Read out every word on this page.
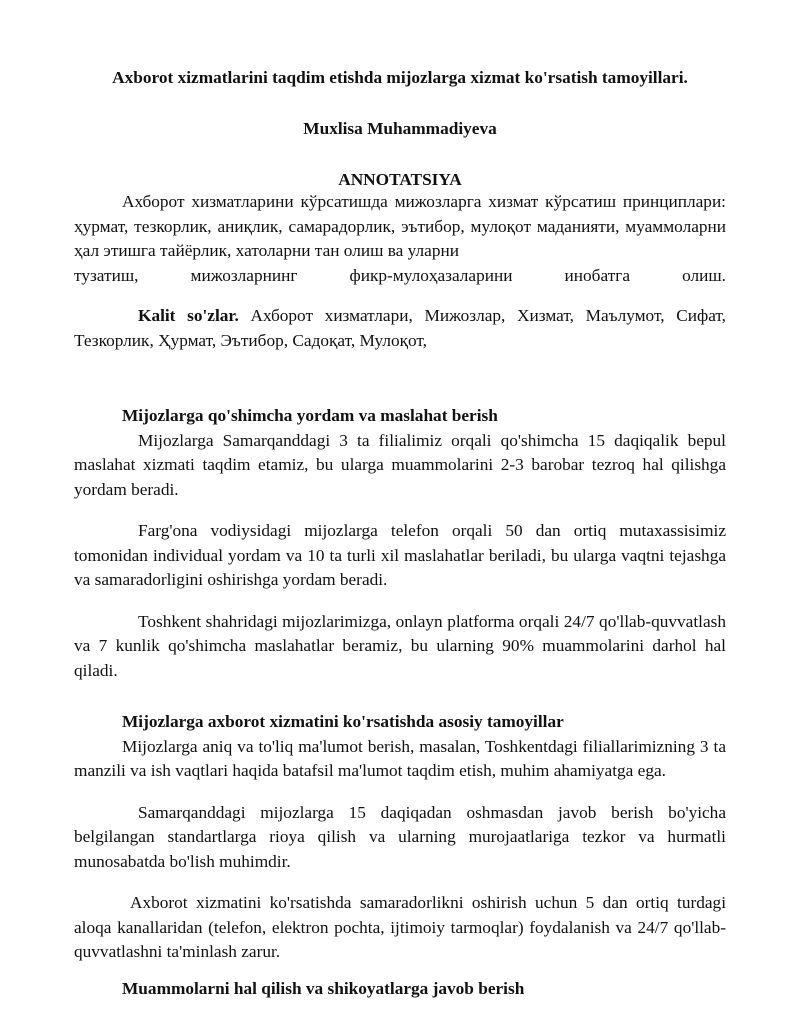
Axborot xizmatlarini taqdim etishda mijozlarga xizmat ko'rsatish tamoyillari.
Muxlisa Muhammadiyeva
ANNOTATSIYA

Ахборот хизматларини кўрсатишда мижозларга хизмат кўрсатиш принциплари: ҳурмат, тезкорлик, аниқлик, самарадорлик, эътибор, мулоқот маданияти, муаммоларни ҳал этишга тайёрлик, хатоларни тан олиш ва уларни

тузатиш,	мижозларнинг	фикр-мулоҳазаларини	инобатга	олиш.

Kalit so'zlar. Ахборот хизматлари, Мижозлар, Хизмат, Маълумот, Сифат, Тезкорлик, Ҳурмат, Эътибор, Садоқат, Мулоқот,

Mijozlarga qo'shimcha yordam va maslahat berish

Mijozlarga Samarqanddagi 3 ta filialimiz orqali qo'shimcha 15 daqiqalik bepul maslahat xizmati taqdim etamiz, bu ularga muammolarini 2-3 barobar tezroq hal qilishga yordam beradi.

Farg'ona vodiysidagi mijozlarga telefon orqali 50 dan ortiq mutaxassisimiz tomonidan individual yordam va 10 ta turli xil maslahatlar beriladi, bu ularga vaqtni tejashga va samaradorligini oshirishga yordam beradi.

Toshkent shahridagi mijozlarimizga, onlayn platforma orqali 24/7 qo'llab-quvvatlash va 7 kunlik qo'shimcha maslahatlar beramiz, bu ularning 90% muammolarini darhol hal qiladi.

Mijozlarga axborot xizmatini ko'rsatishda asosiy tamoyillar

Mijozlarga aniq va to'liq ma'lumot berish, masalan, Toshkentdagi filiallarimizning 3 ta manzili va ish vaqtlari haqida batafsil ma'lumot taqdim etish, muhim ahamiyatga ega.

Samarqanddagi mijozlarga 15 daqiqadan oshmasdan javob berish bo'yicha belgilangan standartlarga rioya qilish va ularning murojaatlariga tezkor va hurmatli munosabatda bo'lish muhimdir.

Axborot xizmatini ko'rsatishda samaradorlikni oshirish uchun 5 dan ortiq turdagi aloqa kanallaridan (telefon, elektron pochta, ijtimoiy tarmoqlar) foydalanish va 24/7 qo'llab-quvvatlashni ta'minlash zarur.

Muammolarni hal qilish va shikoyatlarga javob berish
